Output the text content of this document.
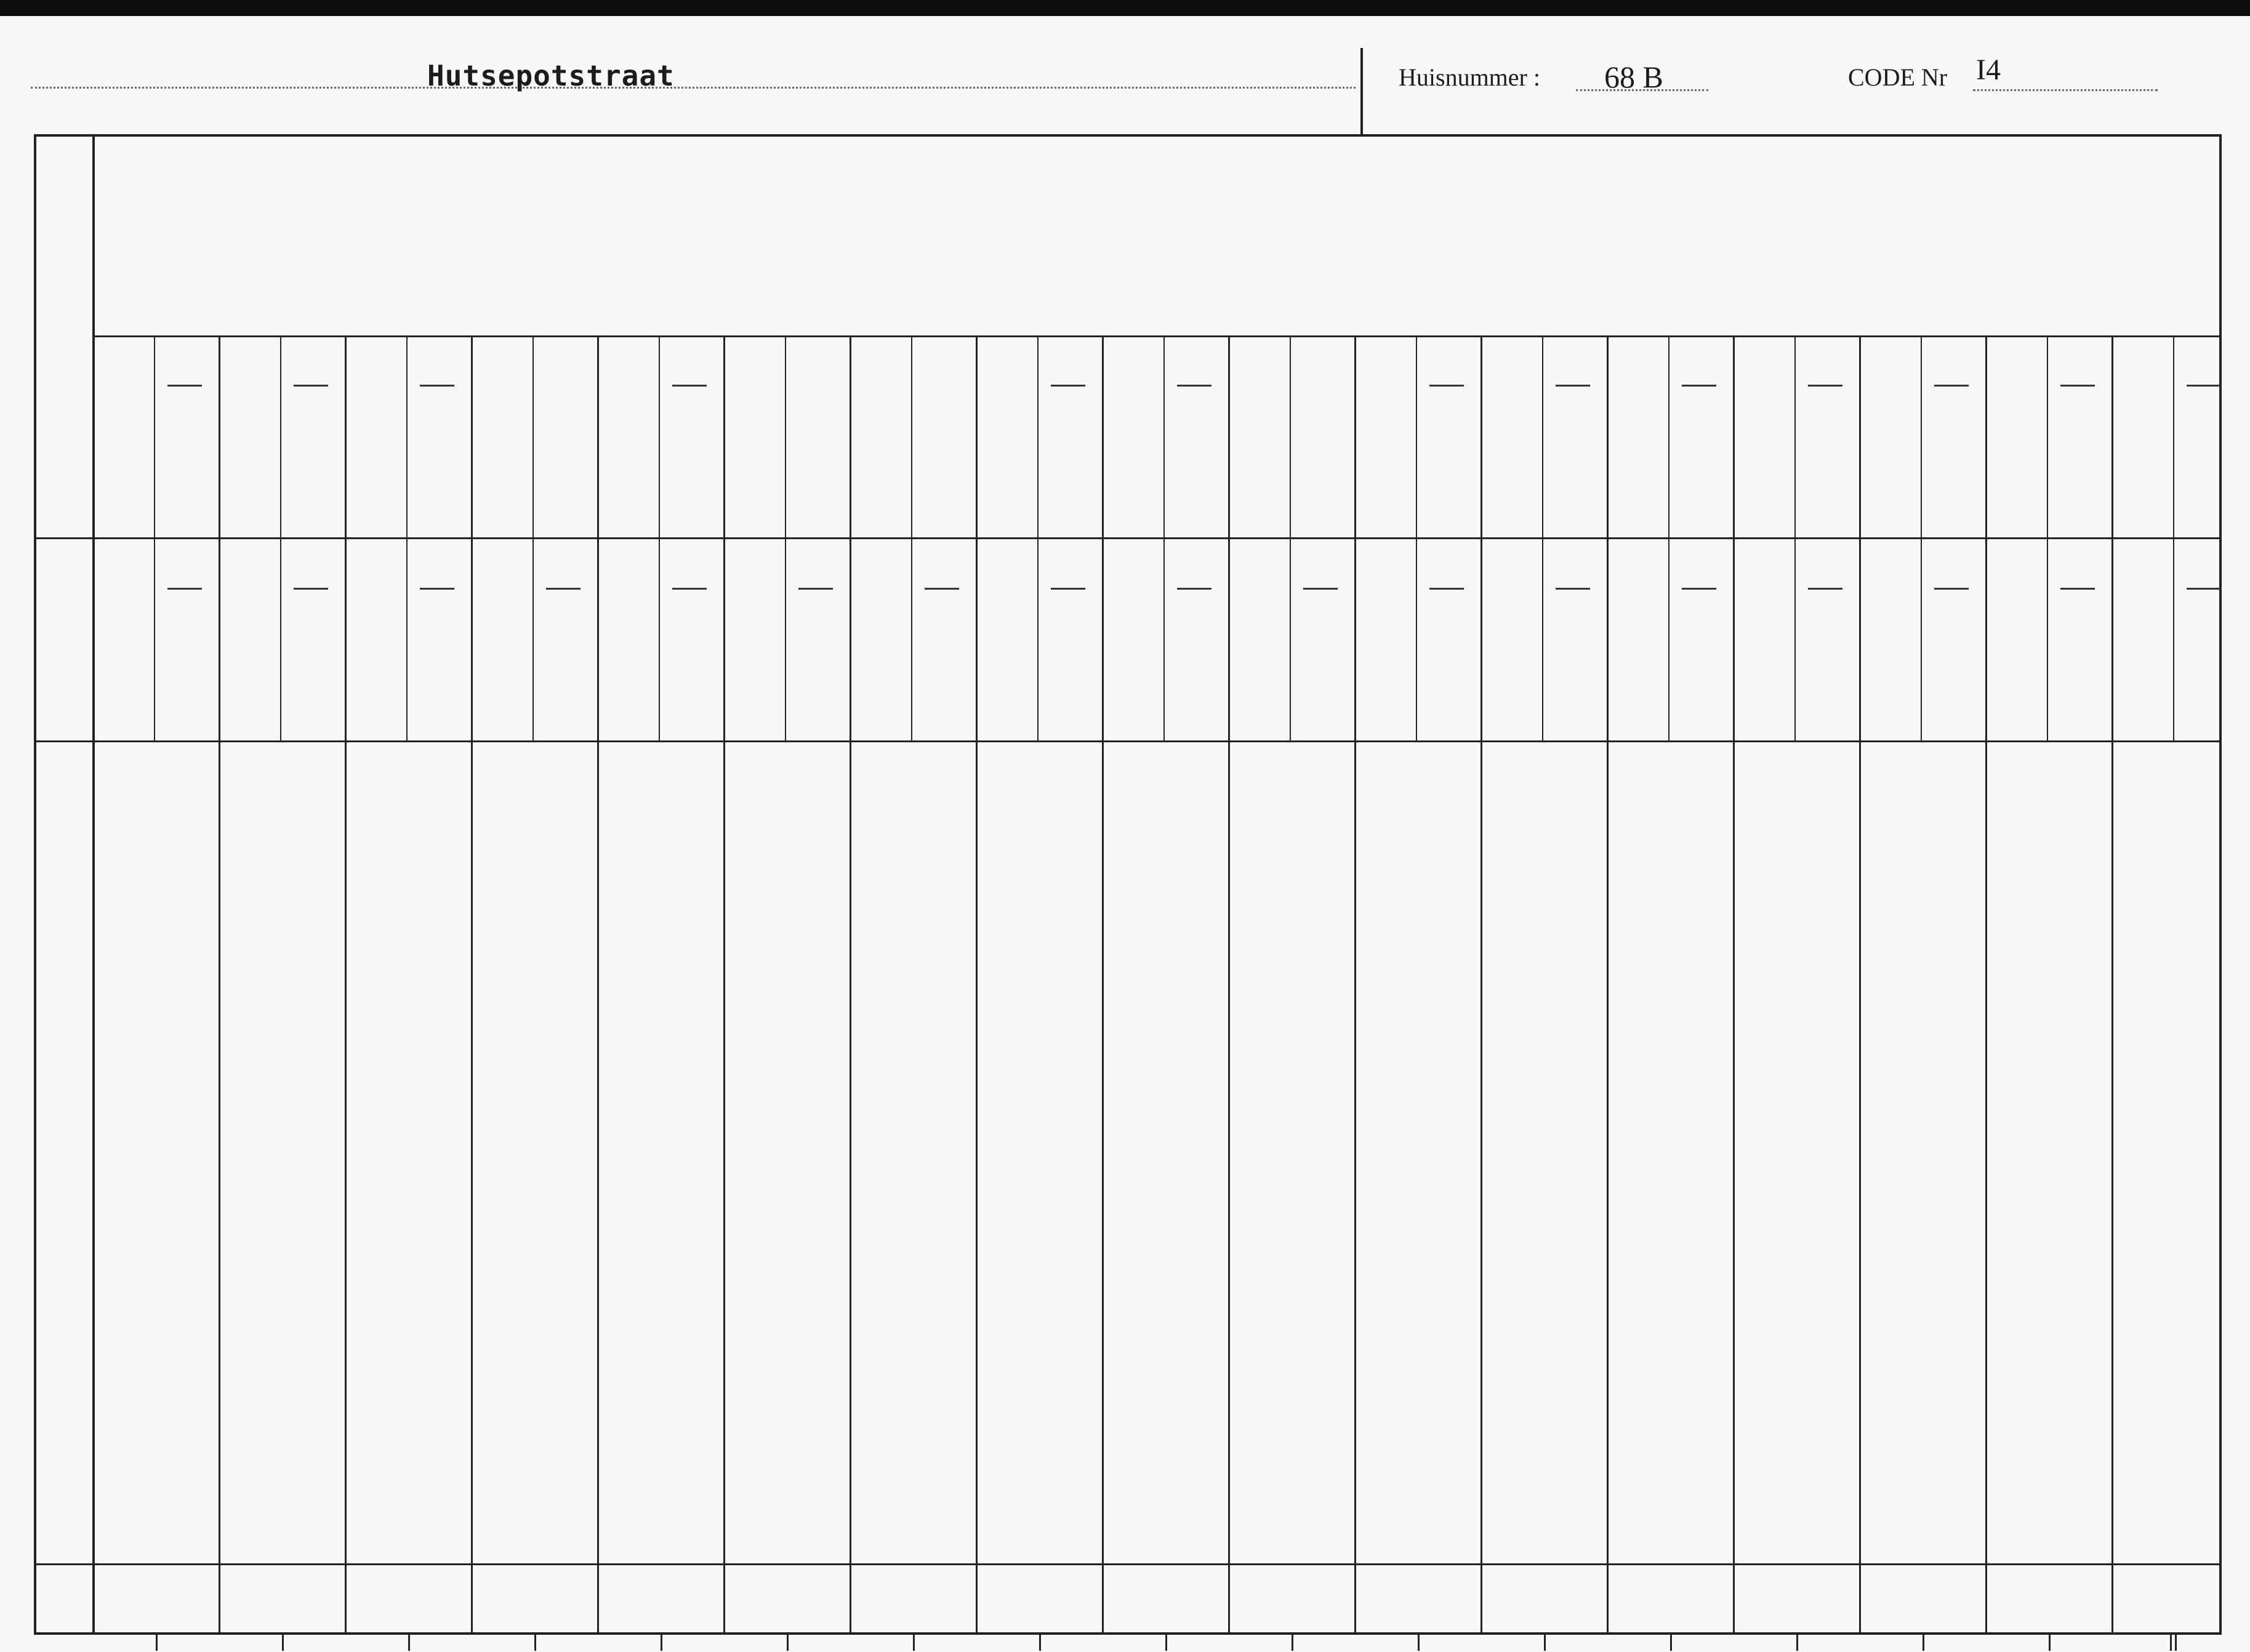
Hutsepotstraat	Huisnummer : 68 B	CODE Nr I4
